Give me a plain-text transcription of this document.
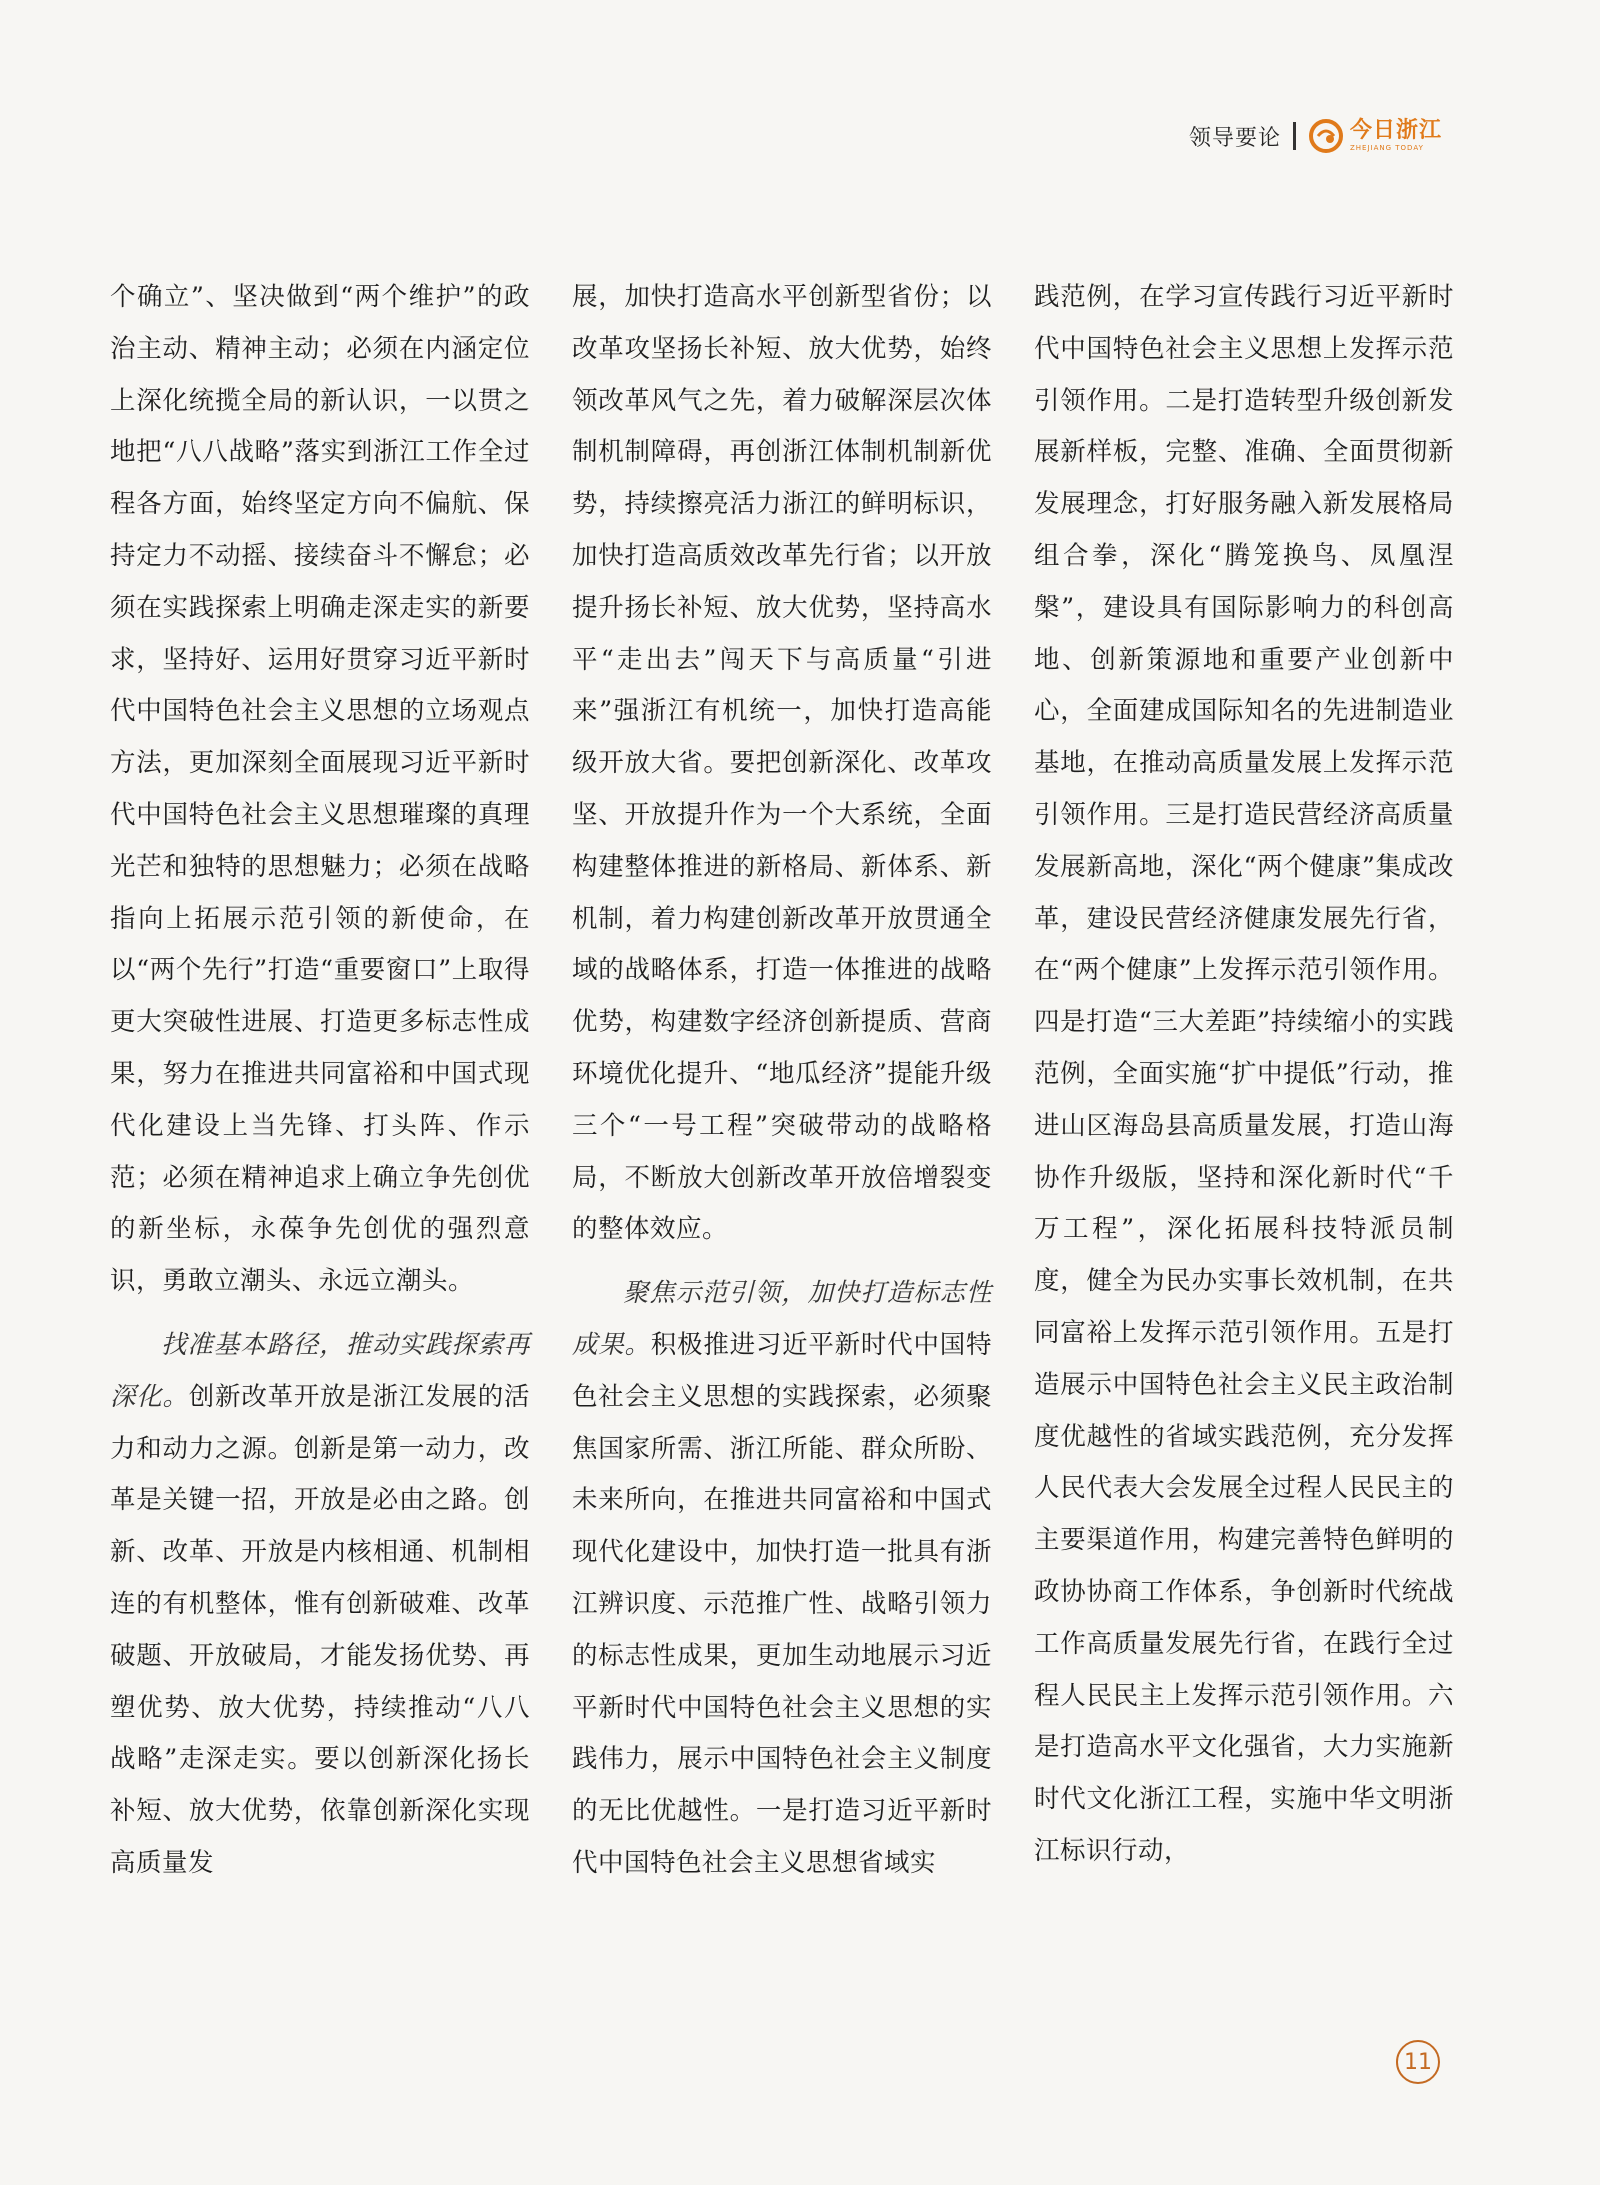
领导要论	今日浙江
ZHEJIANG TODAY

个确立”、坚决做到“两个维护”的政治主动、精神主动；必须在内涵定位上深化统揽全局的新认识，一以贯之地把“八八战略”落实到浙江工作全过程各方面，始终坚定方向不偏航、保持定力不动摇、接续奋斗不懈怠；必须在实践探索上明确走深走实的新要求，坚持好、运用好贯穿习近平新时代中国特色社会主义思想的立场观点方法，更加深刻全面展现习近平新时代中国特色社会主义思想璀璨的真理光芒和独特的思想魅力；必须在战略指向上拓展示范引领的新使命，在以“两个先行”打造“重要窗口”上取得更大突破性进展、打造更多标志性成果，努力在推进共同富裕和中国式现代化建设上当先锋、打头阵、作示范；必须在精神追求上确立争先创优的新坐标，永葆争先创优的强烈意识，勇敢立潮头、永远立潮头。

找准基本路径，推动实践探索再深化。创新改革开放是浙江发展的活力和动力之源。创新是第一动力，改革是关键一招，开放是必由之路。创新、改革、开放是内核相通、机制相连的有机整体，惟有创新破难、改革破题、开放破局，才能发扬优势、再塑优势、放大优势，持续推动“八八战略”走深走实。要以创新深化扬长补短、放大优势，依靠创新深化实现高质量发

展，加快打造高水平创新型省份；以改革攻坚扬长补短、放大优势，始终领改革风气之先，着力破解深层次体制机制障碍，再创浙江体制机制新优势，持续擦亮活力浙江的鲜明标识，加快打造高质效改革先行省；以开放提升扬长补短、放大优势，坚持高水平“走出去”闯天下与高质量“引进来”强浙江有机统一，加快打造高能级开放大省。要把创新深化、改革攻坚、开放提升作为一个大系统，全面构建整体推进的新格局、新体系、新机制，着力构建创新改革开放贯通全域的战略体系，打造一体推进的战略优势，构建数字经济创新提质、营商环境优化提升、“地瓜经济”提能升级三个“一号工程”突破带动的战略格局，不断放大创新改革开放倍增裂变的整体效应。

聚焦示范引领，加快打造标志性成果。积极推进习近平新时代中国特色社会主义思想的实践探索，必须聚焦国家所需、浙江所能、群众所盼、未来所向，在推进共同富裕和中国式现代化建设中，加快打造一批具有浙江辨识度、示范推广性、战略引领力的标志性成果，更加生动地展示习近平新时代中国特色社会主义思想的实践伟力，展示中国特色社会主义制度的无比优越性。一是打造习近平新时代中国特色社会主义思想省域实

践范例，在学习宣传践行习近平新时代中国特色社会主义思想上发挥示范引领作用。二是打造转型升级创新发展新样板，完整、准确、全面贯彻新发展理念，打好服务融入新发展格局组合拳，深化“腾笼换鸟、凤凰涅槃”，建设具有国际影响力的科创高地、创新策源地和重要产业创新中心，全面建成国际知名的先进制造业基地，在推动高质量发展上发挥示范引领作用。三是打造民营经济高质量发展新高地，深化“两个健康”集成改革，建设民营经济健康发展先行省，在“两个健康”上发挥示范引领作用。四是打造“三大差距”持续缩小的实践范例，全面实施“扩中提低”行动，推进山区海岛县高质量发展，打造山海协作升级版，坚持和深化新时代“千万工程”，深化拓展科技特派员制度，健全为民办实事长效机制，在共同富裕上发挥示范引领作用。五是打造展示中国特色社会主义民主政治制度优越性的省域实践范例，充分发挥人民代表大会发展全过程人民民主的主要渠道作用，构建完善特色鲜明的政协协商工作体系，争创新时代统战工作高质量发展先行省，在践行全过程人民民主上发挥示范引领作用。六是打造高水平文化强省，大力实施新时代文化浙江工程，实施中华文明浙江标识行动，

11
